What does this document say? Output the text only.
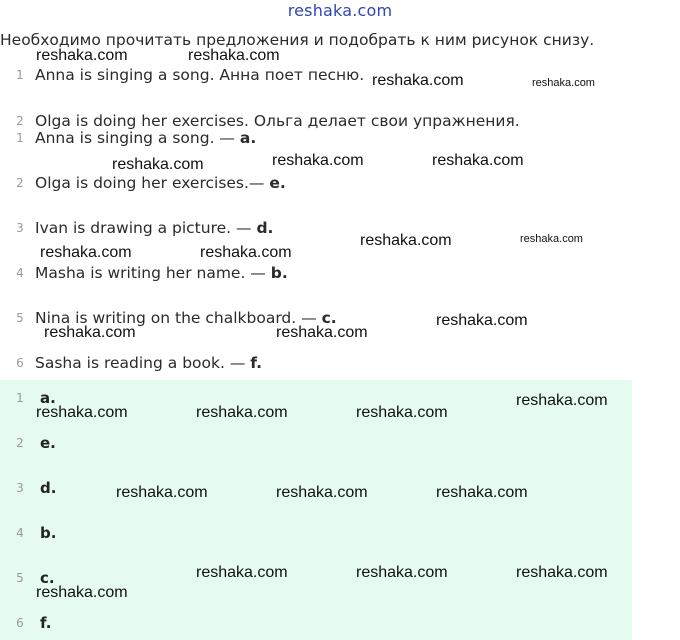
reshaka.com
Необходимо прочитать предложения и подобрать к ним рисунок снизу.
1 Anna is singing a song. Анна поет песню.
2 Olga is doing her exercises. Ольга делает свои упражнения.
1 Anna is singing a song. — a.
2 Olga is doing her exercises.— e.
3 Ivan is drawing a picture. — d.
4 Masha is writing her name. — b.
5 Nina is writing on the chalkboard. — c.
6 Sasha is reading a book. — f.
1 a.
2 e.
3 d.
4 b.
5 c.
6 f.
reshaka.com	reshaka.com
reshaka.com	reshaka.com
reshaka.com	reshaka.com	reshaka.com
reshaka.com	reshaka.com
reshaka.com	reshaka.com
reshaka.com
reshaka.com	reshaka.com
reshaka.com
reshaka.com	reshaka.com	reshaka.com
reshaka.com	reshaka.com	reshaka.com
reshaka.com	reshaka.com	reshaka.com
reshaka.com
